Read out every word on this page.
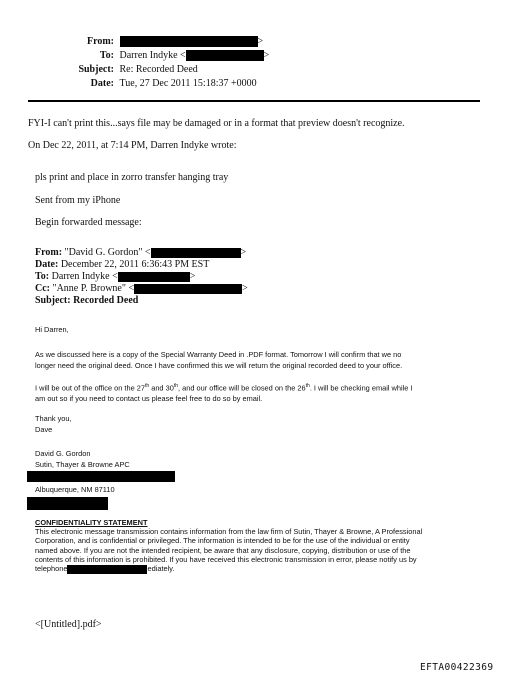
From:	>
To: Darren Indyke <	>
Subject: Re: Recorded Deed
Date: Tue, 27 Dec 2011 15:18:37 +0000
FYI-I can't print this...says file may be damaged or in a format that preview doesn't recognize.
On Dec 22, 2011, at 7:14 PM, Darren Indyke wrote:
pls print and place in zorro transfer hanging tray
Sent from my iPhone
Begin forwarded message:
From: "David G. Gordon" <	>
Date: December 22, 2011 6:36:43 PM EST
To: Darren Indyke <	>
Cc: "Anne P. Browne" <	>
Subject: Recorded Deed
Hi Darren,
As we discussed here is a copy of the Special Warranty Deed in .PDF format. Tomorrow I will confirm that we no
longer need the original deed. Once I have confirmed this we will return the original recorded deed to your office.
I will be out of the office on the 27th and 30th, and our office will be closed on the 26th. I will be checking email while I
am out so if you need to contact us please feel free to do so by email.
Thank you,
Dave
David G. Gordon
Sutin, Thayer & Browne APC
Albuquerque, NM 87110
CONFIDENTIALITY STATEMENT
This electronic message transmission contains information from the law firm of Sutin, Thayer & Browne, A Professional
Corporation, and is confidential or privileged. The information is intended to be for the use of the individual or entity
named above. If you are not the intended recipient, be aware that any disclosure, copying, distribution or use of the
contents of this information is prohibited. If you have received this electronic transmission in error, please notify us by
telephone	ediately.
<[Untitled].pdf>
EFTA00422369
